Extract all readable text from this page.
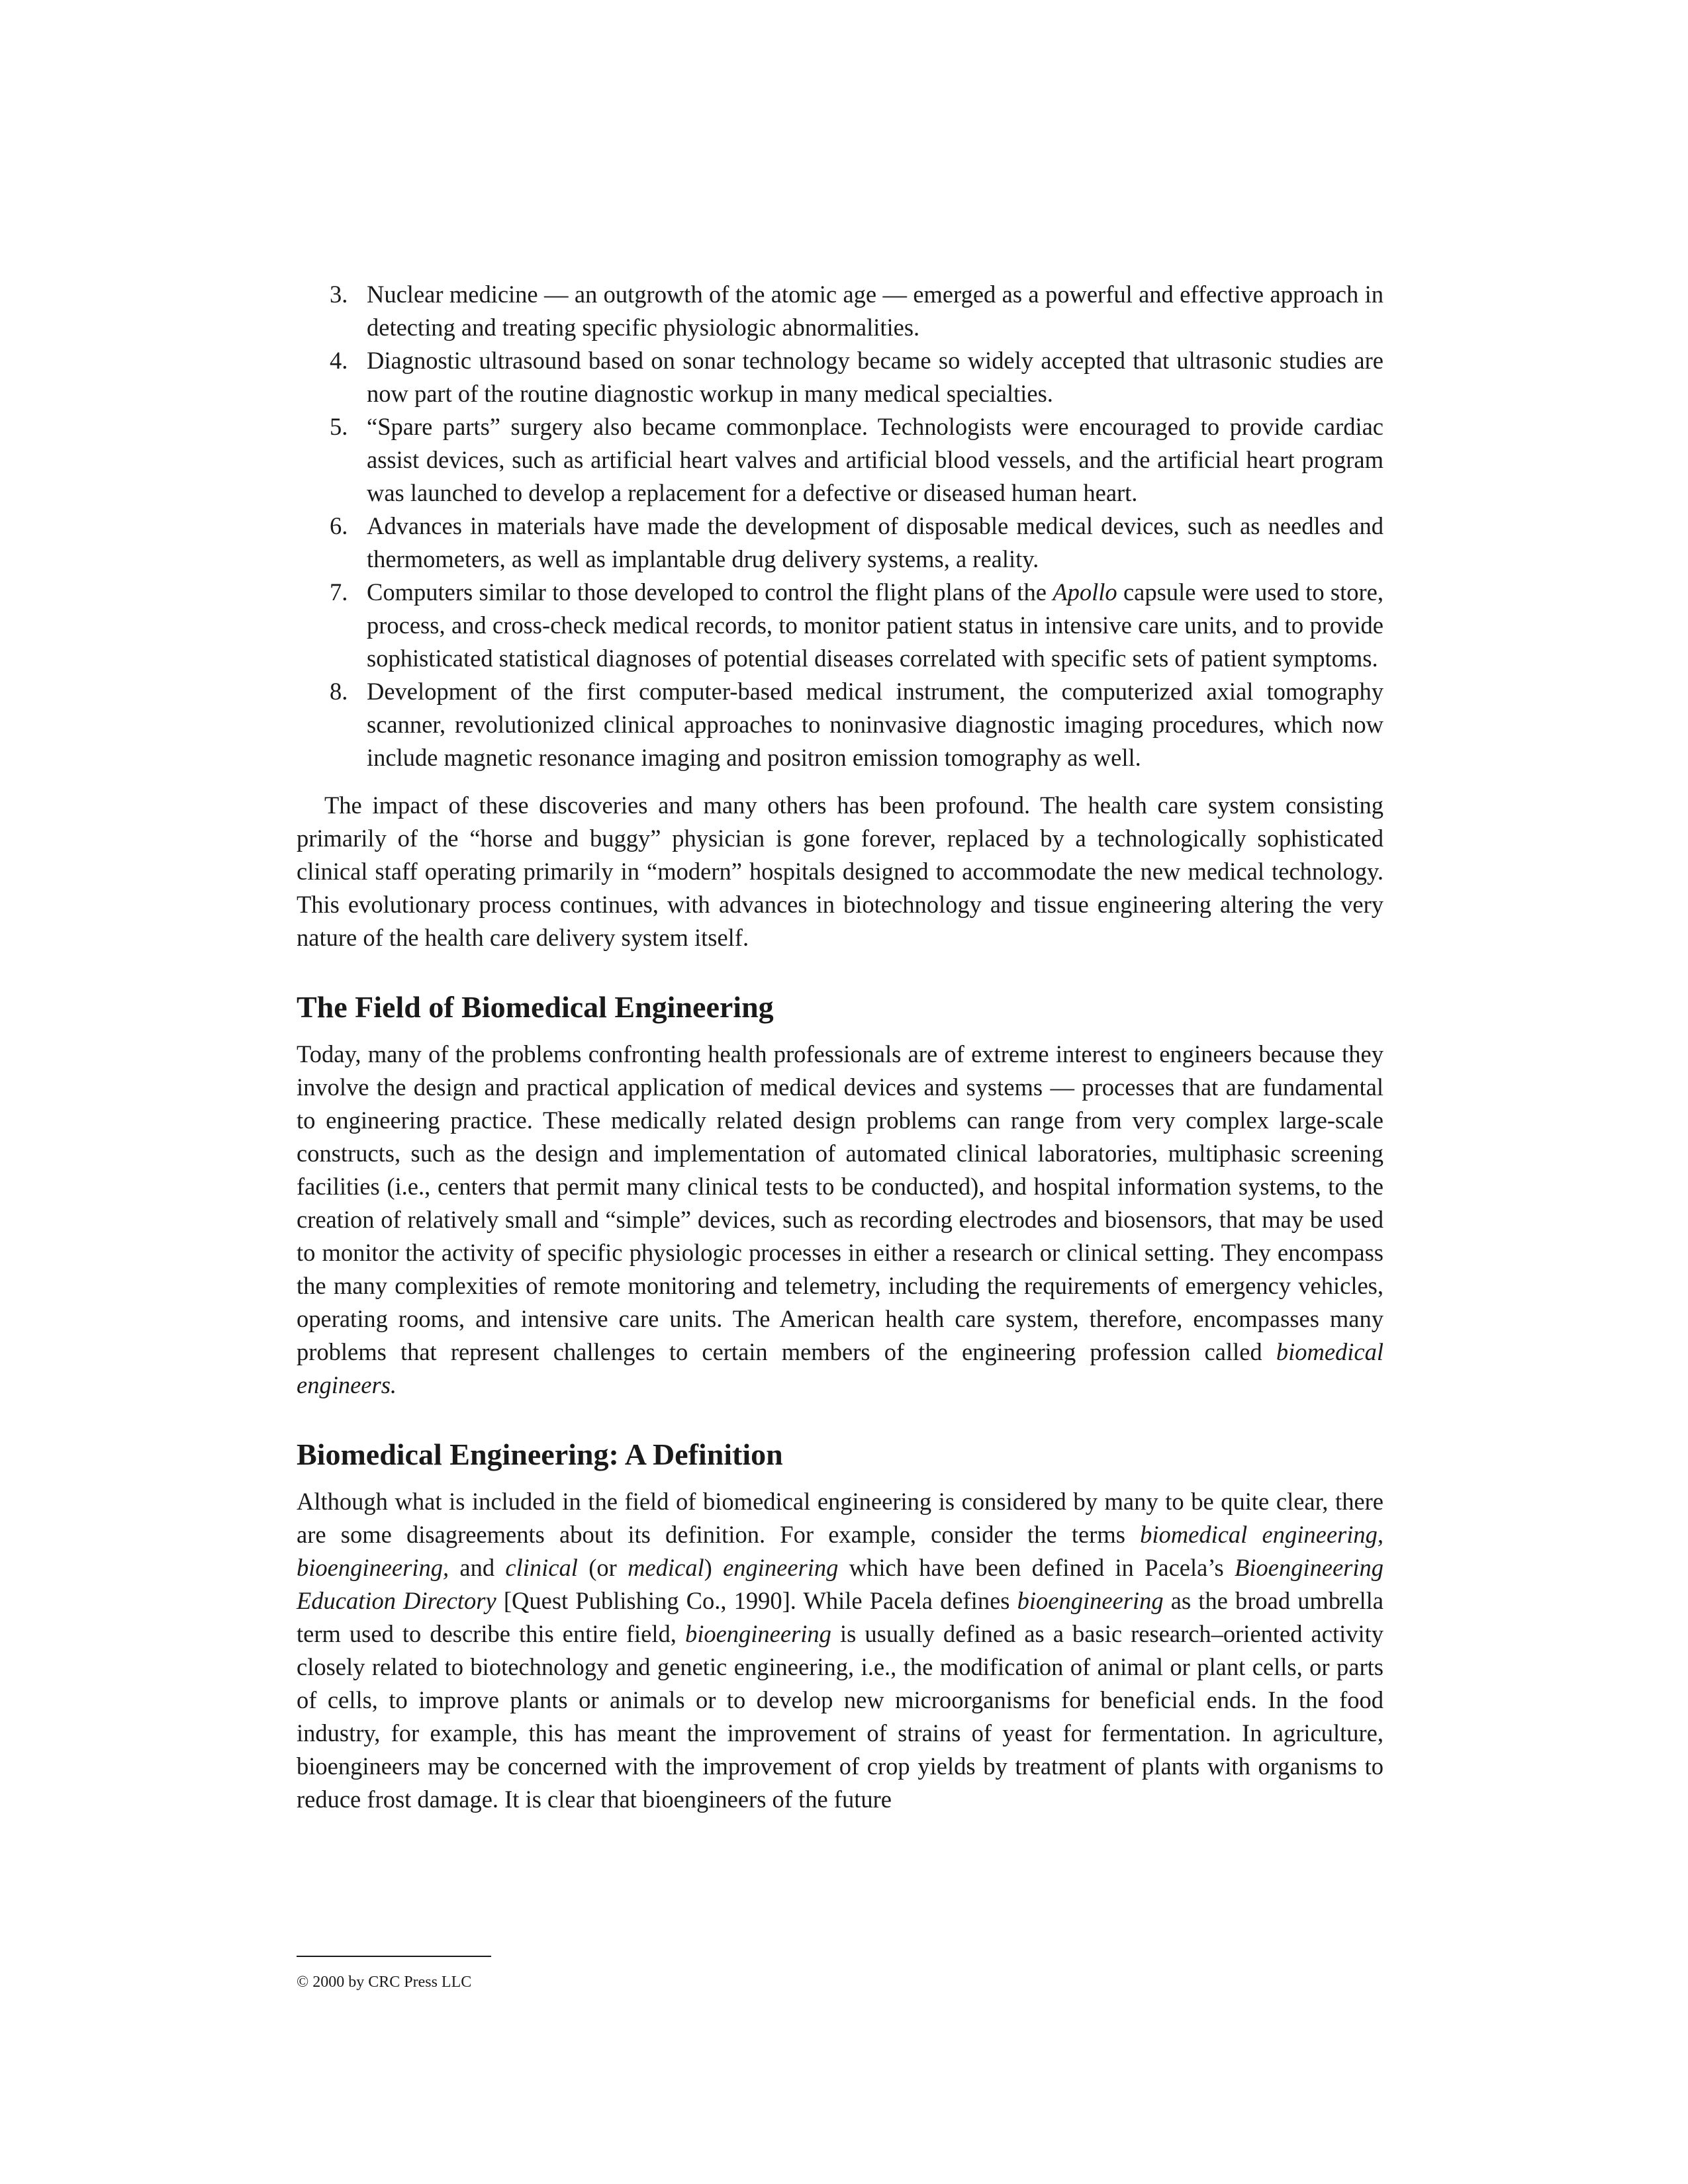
3. Nuclear medicine — an outgrowth of the atomic age — emerged as a powerful and effective approach in detecting and treating specific physiologic abnormalities.
4. Diagnostic ultrasound based on sonar technology became so widely accepted that ultrasonic studies are now part of the routine diagnostic workup in many medical specialties.
5. “Spare parts” surgery also became commonplace. Technologists were encouraged to provide cardiac assist devices, such as artificial heart valves and artificial blood vessels, and the artificial heart program was launched to develop a replacement for a defective or diseased human heart.
6. Advances in materials have made the development of disposable medical devices, such as needles and thermometers, as well as implantable drug delivery systems, a reality.
7. Computers similar to those developed to control the flight plans of the Apollo capsule were used to store, process, and cross-check medical records, to monitor patient status in intensive care units, and to provide sophisticated statistical diagnoses of potential diseases correlated with specific sets of patient symptoms.
8. Development of the first computer-based medical instrument, the computerized axial tomography scanner, revolutionized clinical approaches to noninvasive diagnostic imaging procedures, which now include magnetic resonance imaging and positron emission tomography as well.

The impact of these discoveries and many others has been profound. The health care system consisting primarily of the “horse and buggy” physician is gone forever, replaced by a technologically sophisticated clinical staff operating primarily in “modern” hospitals designed to accommodate the new medical technology. This evolutionary process continues, with advances in biotechnology and tissue engineering altering the very nature of the health care delivery system itself.

The Field of Biomedical Engineering

Today, many of the problems confronting health professionals are of extreme interest to engineers because they involve the design and practical application of medical devices and systems — processes that are fundamental to engineering practice. These medically related design problems can range from very complex large-scale constructs, such as the design and implementation of automated clinical laboratories, multiphasic screening facilities (i.e., centers that permit many clinical tests to be conducted), and hospital information systems, to the creation of relatively small and “simple” devices, such as recording electrodes and biosensors, that may be used to monitor the activity of specific physiologic processes in either a research or clinical setting. They encompass the many complexities of remote monitoring and telemetry, including the requirements of emergency vehicles, operating rooms, and intensive care units. The American health care system, therefore, encompasses many problems that represent challenges to certain members of the engineering profession called biomedical engineers.

Biomedical Engineering: A Definition

Although what is included in the field of biomedical engineering is considered by many to be quite clear, there are some disagreements about its definition. For example, consider the terms biomedical engineering, bioengineering, and clinical (or medical) engineering which have been defined in Pacela’s Bioengineering Education Directory [Quest Publishing Co., 1990]. While Pacela defines bioengineering as the broad umbrella term used to describe this entire field, bioengineering is usually defined as a basic research–oriented activity closely related to biotechnology and genetic engineering, i.e., the modification of animal or plant cells, or parts of cells, to improve plants or animals or to develop new microorganisms for beneficial ends. In the food industry, for example, this has meant the improvement of strains of yeast for fermentation. In agriculture, bioengineers may be concerned with the improvement of crop yields by treatment of plants with organisms to reduce frost damage. It is clear that bioengineers of the future

© 2000 by CRC Press LLC
